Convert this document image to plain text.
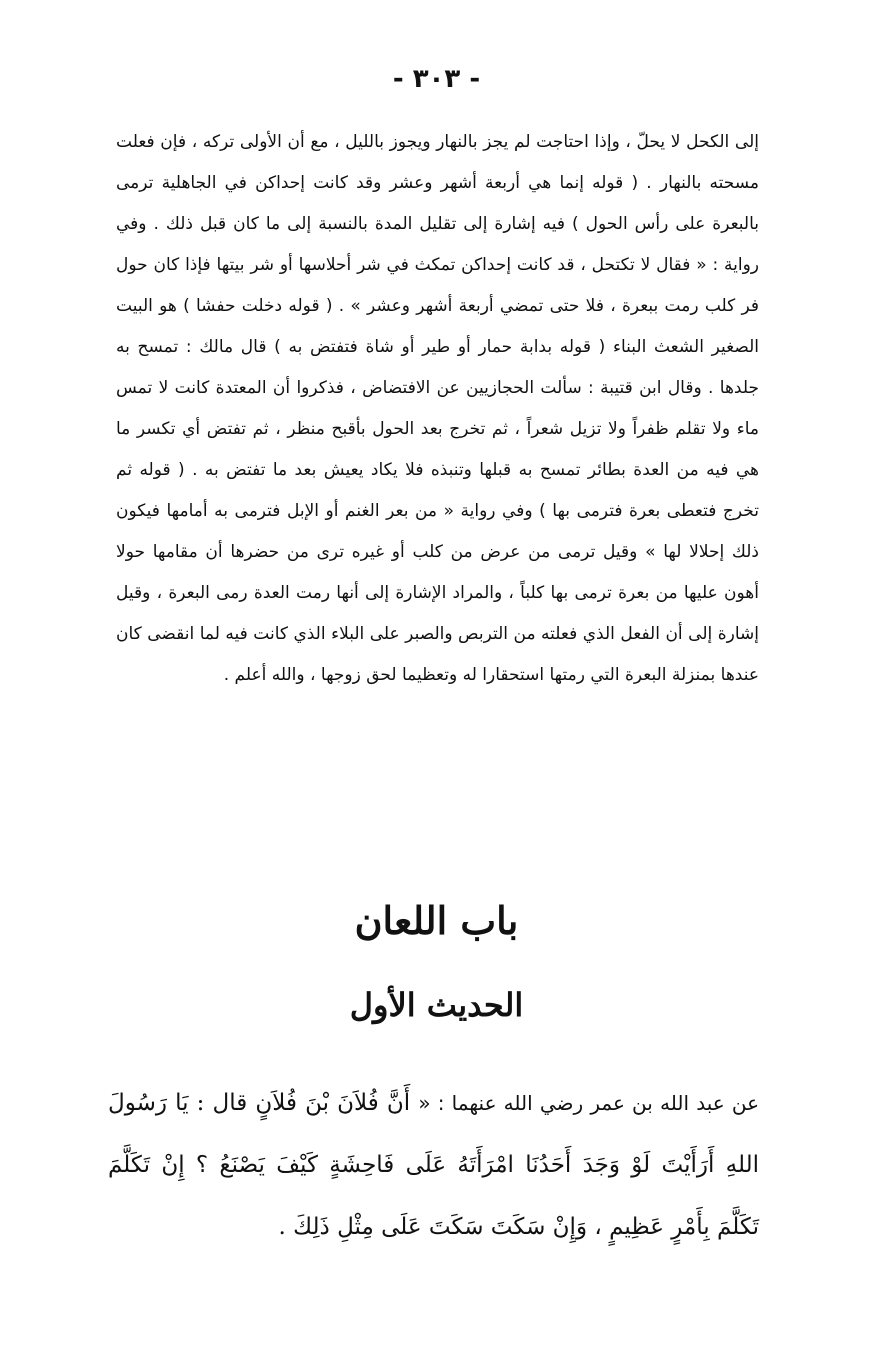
- ٣٠٣ -

إلى الكحل لا يحلّ ، وإذا احتاجت لم يجز بالنهار ويجوز بالليل ، مع أن الأولى تركه ، فإن فعلت مسحته بالنهار . ( قوله إنما هي أربعة أشهر وعشر وقد كانت إحداكن في الجاهلية ترمى بالبعرة على رأس الحول ) فيه إشارة إلى تقليل المدة بالنسبة إلى ما كان قبل ذلك . وفي رواية : « فقال لا تكتحل ، قد كانت إحداكن تمكث في شر أحلاسها أو شر بيتها فإذا كان حول فر كلب رمت ببعرة ، فلا حتى تمضي أربعة أشهر وعشر » . ( قوله دخلت حفشا ) هو البيت الصغير الشعث البناء ( قوله بدابة حمار أو طير أو شاة فتفتض به ) قال مالك : تمسح به جلدها . وقال ابن قتيبة : سألت الحجازيين عن الافتضاض ، فذكروا أن المعتدة كانت لا تمس ماء ولا تقلم ظفراً ولا تزيل شعراً ، ثم تخرج بعد الحول بأقبح منظر ، ثم تفتض أي تكسر ما هي فيه من العدة بطائر تمسح به قبلها وتنبذه فلا يكاد يعيش بعد ما تفتض به . ( قوله ثم تخرج فتعطى بعرة فترمى بها ) وفي رواية « من بعر الغنم أو الإبل فترمى به أمامها فيكون ذلك إحلالا لها » وقيل ترمى من عرض من كلب أو غيره ترى من حضرها أن مقامها حولا أهون عليها من بعرة ترمى بها كلباً ، والمراد الإشارة إلى أنها رمت العدة رمى البعرة ، وقيل إشارة إلى أن الفعل الذي فعلته من التربص والصبر على البلاء الذي كانت فيه لما انقضى كان عندها بمنزلة البعرة التي رمتها استحقارا له وتعظيما لحق زوجها ، والله أعلم .

باب اللعان
الحديث الأول

عن عبد الله بن عمر رضي الله عنهما : « أَنَّ فُلاَنَ بْنَ فُلاَنٍ قال : يَا رَسُولَ اللهِ أَرَأَيْتَ لَوْ وَجَدَ أَحَدُنَا امْرَأَتَهُ عَلَى فَاحِشَةٍ كَيْفَ يَصْنَعُ ؟ إِنْ تَكَلَّمَ تَكَلَّمَ بِأَمْرٍ عَظِيمٍ ، وَإِنْ سَكَتَ سَكَتَ عَلَى مِثْلِ ذَلِكَ .
